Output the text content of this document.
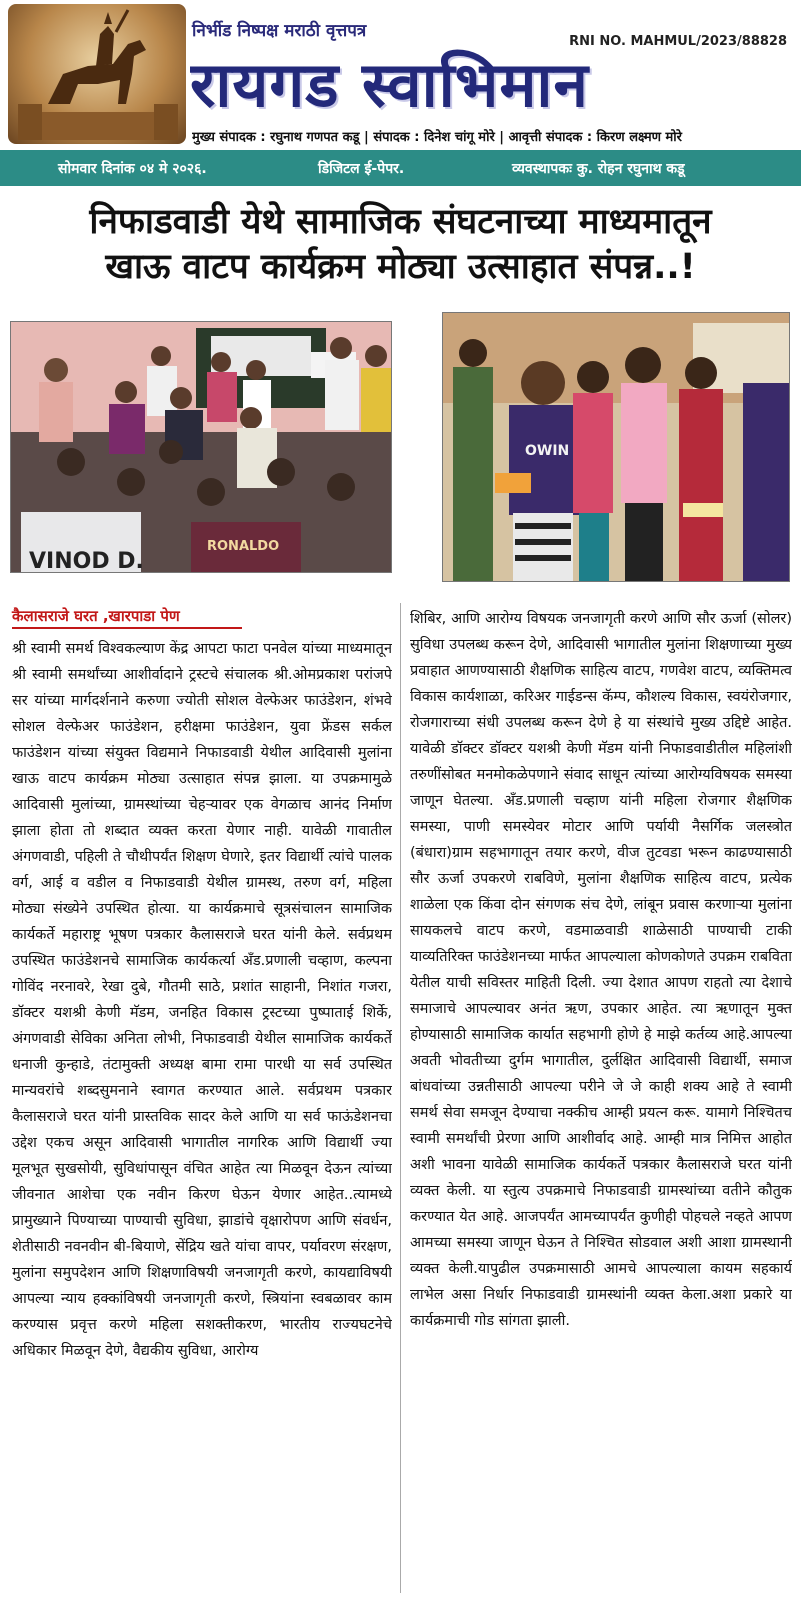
निर्भीड निष्पक्ष मराठी वृत्तपत्र
RNI NO. MAHMUL/2023/88828
रायगड स्वाभिमान
मुख्य संपादक : रघुनाथ गणपत कडू | संपादक : दिनेश चांगू मोरे | आवृत्ती संपादक : किरण लक्ष्मण मोरे
सोमवार दिनांक ०४ मे २०२६.	डिजिटल ई-पेपर.	व्यवस्थापकः कु. रोहन रघुनाथ कडू
निफाडवाडी येथे सामाजिक संघटनाच्या माध्यमातून
खाऊ वाटप कार्यक्रम मोठ्या उत्साहात संपन्न..!
VINOD D.
RONALDO
OWIN
कैलासराजे घरत ,खारपाडा पेण
श्री स्वामी समर्थ विश्वकल्याण केंद्र आपटा फाटा पनवेल यांच्या माध्यमातून श्री स्वामी समर्थांच्या आशीर्वादाने ट्रस्टचे संचालक श्री.ओमप्रकाश परांजपे सर यांच्या मार्गदर्शनाने करुणा ज्योती सोशल वेल्फेअर फाउंडेशन, शंभवे सोशल वेल्फेअर फाउंडेशन, हरीक्षमा फाउंडेशन, युवा फ्रेंडस सर्कल फाउंडेशन यांच्या संयुक्त विद्यमाने निफाडवाडी येथील आदिवासी मुलांना खाऊ वाटप कार्यक्रम मोठ्या उत्साहात संपन्न झाला. या उपक्रमामुळे आदिवासी मुलांच्या, ग्रामस्थांच्या चेहऱ्यावर एक वेगळाच आनंद निर्माण झाला होता तो शब्दात व्यक्त करता येणार नाही. यावेळी गावातील अंगणवाडी, पहिली ते चौथीपर्यंत शिक्षण घेणारे, इतर विद्यार्थी त्यांचे पालक वर्ग, आई व वडील व निफाडवाडी येथील ग्रामस्थ, तरुण वर्ग, महिला मोठ्या संख्येने उपस्थित होत्या. या कार्यक्रमाचे सूत्रसंचालन सामाजिक कार्यकर्ते महाराष्ट्र भूषण पत्रकार कैलासराजे घरत यांनी केले. सर्वप्रथम उपस्थित फाउंडेशनचे सामाजिक कार्यकर्त्या अँड.प्रणाली चव्हाण, कल्पना गोविंद नरनावरे, रेखा दुबे, गौतमी साठे, प्रशांत साहानी, निशांत गजरा, डॉक्टर यशश्री केणी मॅडम, जनहित विकास ट्रस्टच्या पुष्पाताई शिर्के, अंगणवाडी सेविका अनिता लोभी, निफाडवाडी येथील सामाजिक कार्यकर्ते धनाजी कुन्हाडे, तंटामुक्ती अध्यक्ष बामा रामा पारधी या सर्व उपस्थित मान्यवरांचे शब्दसुमनाने स्वागत करण्यात आले. सर्वप्रथम पत्रकार कैलासराजे घरत यांनी प्रास्तविक सादर केले आणि या सर्व फाऊंडेशनचा उद्देश एकच असून आदिवासी भागातील नागरिक आणि विद्यार्थी ज्या मूलभूत सुखसोयी, सुविधांपासून वंचित आहेत त्या मिळवून देऊन त्यांच्या जीवनात आशेचा एक नवीन किरण घेऊन येणार आहेत..त्यामध्ये प्रामुख्याने पिण्याच्या पाण्याची सुविधा, झाडांचे वृक्षारोपण आणि संवर्धन, शेतीसाठी नवनवीन बी-बियाणे, सेंद्रिय खते यांचा वापर, पर्यावरण संरक्षण, मुलांना समुपदेशन आणि शिक्षणाविषयी जनजागृती करणे, कायद्याविषयी आपल्या न्याय हक्कांविषयी जनजागृती करणे, स्त्रियांना स्वबळावर काम करण्यास प्रवृत्त करणे महिला सशक्तीकरण, भारतीय राज्यघटनेचे अधिकार मिळवून देणे, वैद्यकीय सुविधा, आरोग्य
शिबिर, आणि आरोग्य विषयक जनजागृती करणे आणि सौर ऊर्जा (सोलर) सुविधा उपलब्ध करून देणे, आदिवासी भागातील मुलांना शिक्षणाच्या मुख्य प्रवाहात आणण्यासाठी शैक्षणिक साहित्य वाटप, गणवेश वाटप, व्यक्तिमत्व विकास कार्यशाळा, करिअर गाईडन्स कॅम्प, कौशल्य विकास, स्वयंरोजगार, रोजगाराच्या संधी उपलब्ध करून देणे हे या संस्थांचे मुख्य उद्दिष्टे आहेत. यावेळी डॉक्टर डॉक्टर यशश्री केणी मॅडम यांनी निफाडवाडीतील महिलांशी तरुणींसोबत मनमोकळेपणाने संवाद साधून त्यांच्या आरोग्यविषयक समस्या जाणून घेतल्या. अँड.प्रणाली चव्हाण यांनी महिला रोजगार शैक्षणिक समस्या, पाणी समस्येवर मोटार आणि पर्यायी नैसर्गिक जलस्त्रोत (बंधारा)ग्राम सहभागातून तयार करणे, वीज तुटवडा भरून काढण्यासाठी सौर ऊर्जा उपकरणे राबविणे, मुलांना शैक्षणिक साहित्य वाटप, प्रत्येक शाळेला एक किंवा दोन संगणक संच देणे, लांबून प्रवास करणाऱ्या मुलांना सायकलचे वाटप करणे, वडमाळवाडी शाळेसाठी पाण्याची टाकी याव्यतिरिक्त फाउंडेशनच्या मार्फत आपल्याला कोणकोणते उपक्रम राबविता येतील याची सविस्तर माहिती दिली. ज्या देशात आपण राहतो त्या देशाचे समाजाचे आपल्यावर अनंत ऋण, उपकार आहेत. त्या ऋणातून मुक्त होण्यासाठी सामाजिक कार्यात सहभागी होणे हे माझे कर्तव्य आहे.आपल्या अवती भोवतीच्या दुर्गम भागातील, दुर्लक्षित आदिवासी विद्यार्थी, समाज बांधवांच्या उन्नतीसाठी आपल्या परीने जे जे काही शक्य आहे ते स्वामी समर्थ सेवा समजून देण्याचा नक्कीच आम्ही प्रयत्न करू. यामागे निश्चितच स्वामी समर्थांची प्रेरणा आणि आशीर्वाद आहे. आम्ही मात्र निमित्त आहोत अशी भावना यावेळी सामाजिक कार्यकर्ते पत्रकार कैलासराजे घरत यांनी व्यक्त केली. या स्तुत्य उपक्रमाचे निफाडवाडी ग्रामस्थांच्या वतीने कौतुक करण्यात येत आहे. आजपर्यंत आमच्यापर्यंत कुणीही पोहचले नव्हते आपण आमच्या समस्या जाणून घेऊन ते निश्चित सोडवाल अशी आशा ग्रामस्थानी व्यक्त केली.यापुढील उपक्रमासाठी आमचे आपल्याला कायम सहकार्य लाभेल असा निर्धार निफाडवाडी ग्रामस्थांनी व्यक्त केला.अशा प्रकारे या कार्यक्रमाची गोड सांगता झाली.
